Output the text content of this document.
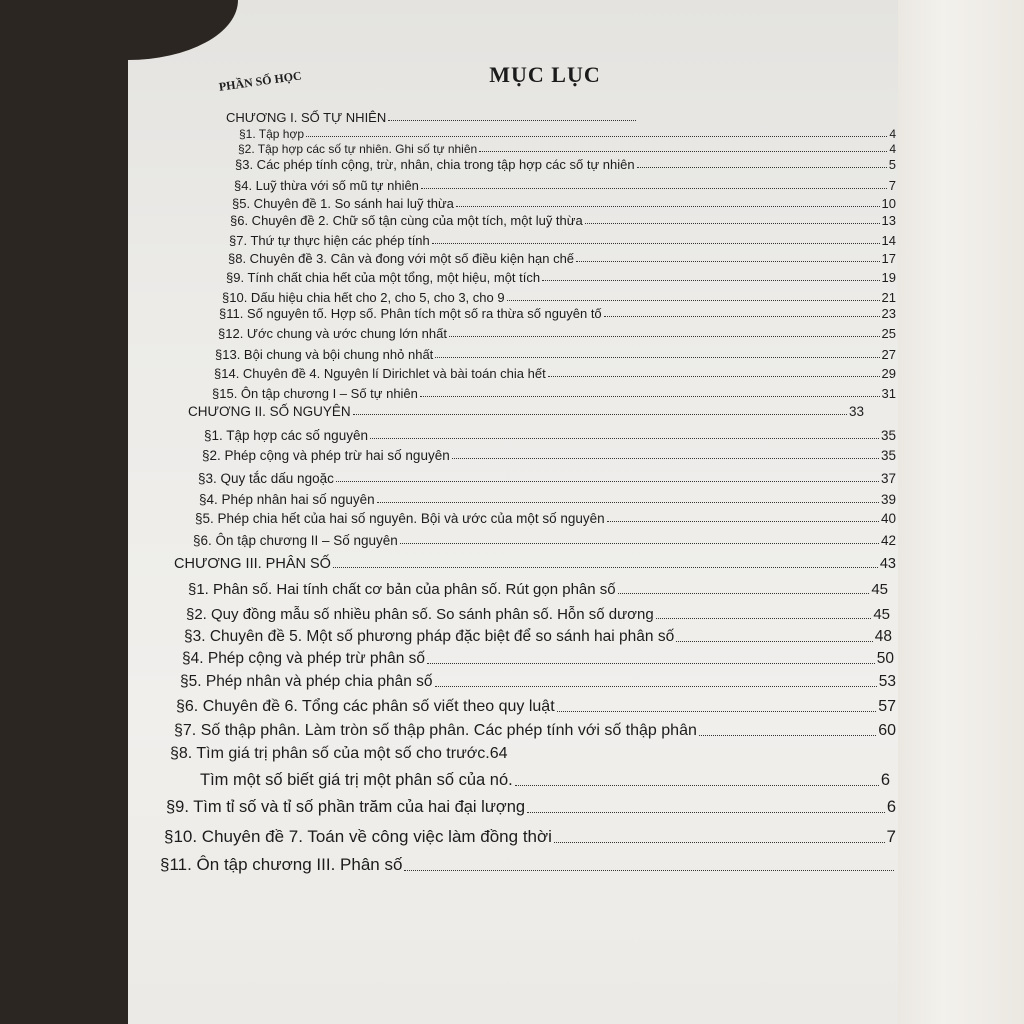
MỤC LỤC
PHẦN SỐ HỌC
CHƯƠNG I. SỐ TỰ NHIÊN
§1. Tập hợp	4
§2. Tập hợp các số tự nhiên. Ghi số tự nhiên	4
§3. Các phép tính cộng, trừ, nhân, chia trong tập hợp các số tự nhiên	5
§4. Luỹ thừa với số mũ tự nhiên	7
§5. Chuyên đề 1. So sánh hai luỹ thừa	10
§6. Chuyên đề 2. Chữ số tận cùng của một tích, một luỹ thừa	13
§7. Thứ tự thực hiện các phép tính	14
§8. Chuyên đề 3. Cân và đong với một số điều kiện hạn chế	17
§9. Tính chất chia hết của một tổng, một hiệu, một tích	19
§10. Dấu hiệu chia hết cho 2, cho 5, cho 3, cho 9	21
§11. Số nguyên tố. Hợp số. Phân tích một số ra thừa số nguyên tố	23
§12. Ước chung và ước chung lớn nhất	25
§13. Bội chung và bội chung nhỏ nhất	27
§14. Chuyên đề 4. Nguyên lí Dirichlet và bài toán chia hết	29
§15. Ôn tập chương I – Số tự nhiên	31
CHƯƠNG II. SỐ NGUYÊN	33
§1. Tập hợp các số nguyên	35
§2. Phép cộng và phép trừ hai số nguyên	35
§3. Quy tắc dấu ngoặc	37
§4. Phép nhân hai số nguyên	39
§5. Phép chia hết của hai số nguyên. Bội và ước của một số nguyên	40
§6. Ôn tập chương II – Số nguyên	42
CHƯƠNG III. PHÂN SỐ	43
§1. Phân số. Hai tính chất cơ bản của phân số. Rút gọn phân số	45
§2. Quy đồng mẫu số nhiều phân số. So sánh phân số. Hỗn số dương	45
§3. Chuyên đề 5. Một số phương pháp đặc biệt để so sánh hai phân số	48
§4. Phép cộng và phép trừ phân số	50
§5. Phép nhân và phép chia phân số	53
§6. Chuyên đề 6. Tổng các phân số viết theo quy luật	57
§7. Số thập phân. Làm tròn số thập phân. Các phép tính với số thập phân	60
§8. Tìm giá trị phân số của một số cho trước. 64
Tìm một số biết giá trị một phân số của nó.	6
§9. Tìm tỉ số và tỉ số phần trăm của hai đại lượng	6
§10. Chuyên đề 7. Toán về công việc làm đồng thời	7
§11. Ôn tập chương III. Phân số
